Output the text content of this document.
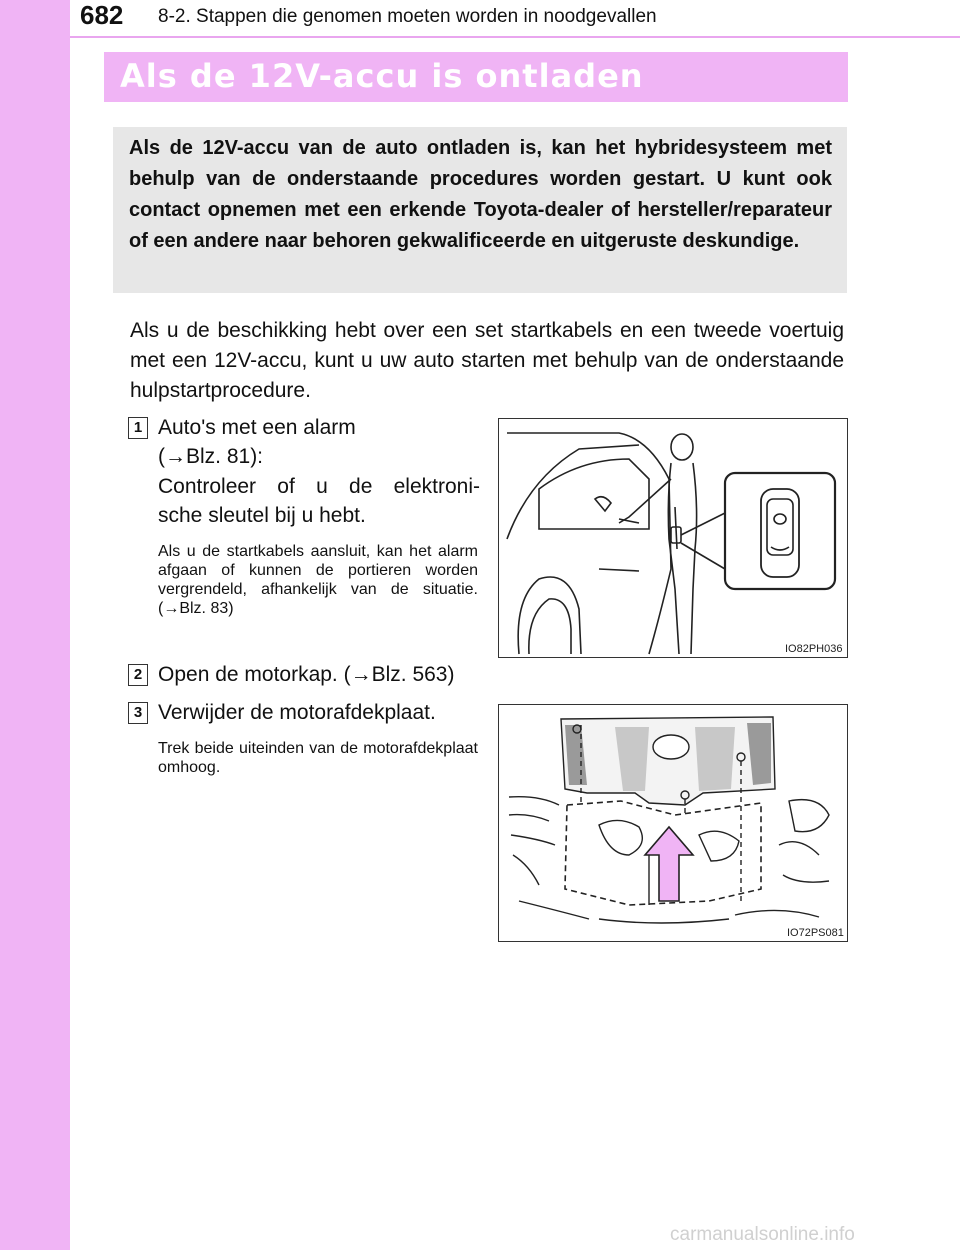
682 8-2. Stappen die genomen moeten worden in noodgevallen
Als de 12V-accu is ontladen
Als de 12V-accu van de auto ontladen is, kan het hybridesysteem met behulp van de onderstaande procedures worden gestart. U kunt ook contact opnemen met een erkende Toyota-dealer of hersteller/reparateur of een andere naar behoren gekwalificeerde en uitgeruste deskundige.
Als u de beschikking hebt over een set startkabels en een tweede voertuig met een 12V-accu, kunt u uw auto starten met behulp van de onderstaande hulpstartprocedure.
1 Auto's met een alarm
(→Blz. 81):
Controleer of u de elektroni-
sche sleutel bij u hebt.
Als u de startkabels aansluit, kan het alarm afgaan of kunnen de portieren worden vergrendeld, afhankelijk van de situatie. (→Blz. 83)
IO82PH036
2 Open de motorkap. (→Blz. 563)
3 Verwijder de motorafdekplaat.
Trek beide uiteinden van de motorafdekplaat omhoog.
IO72PS081
carmanualsonline.info
